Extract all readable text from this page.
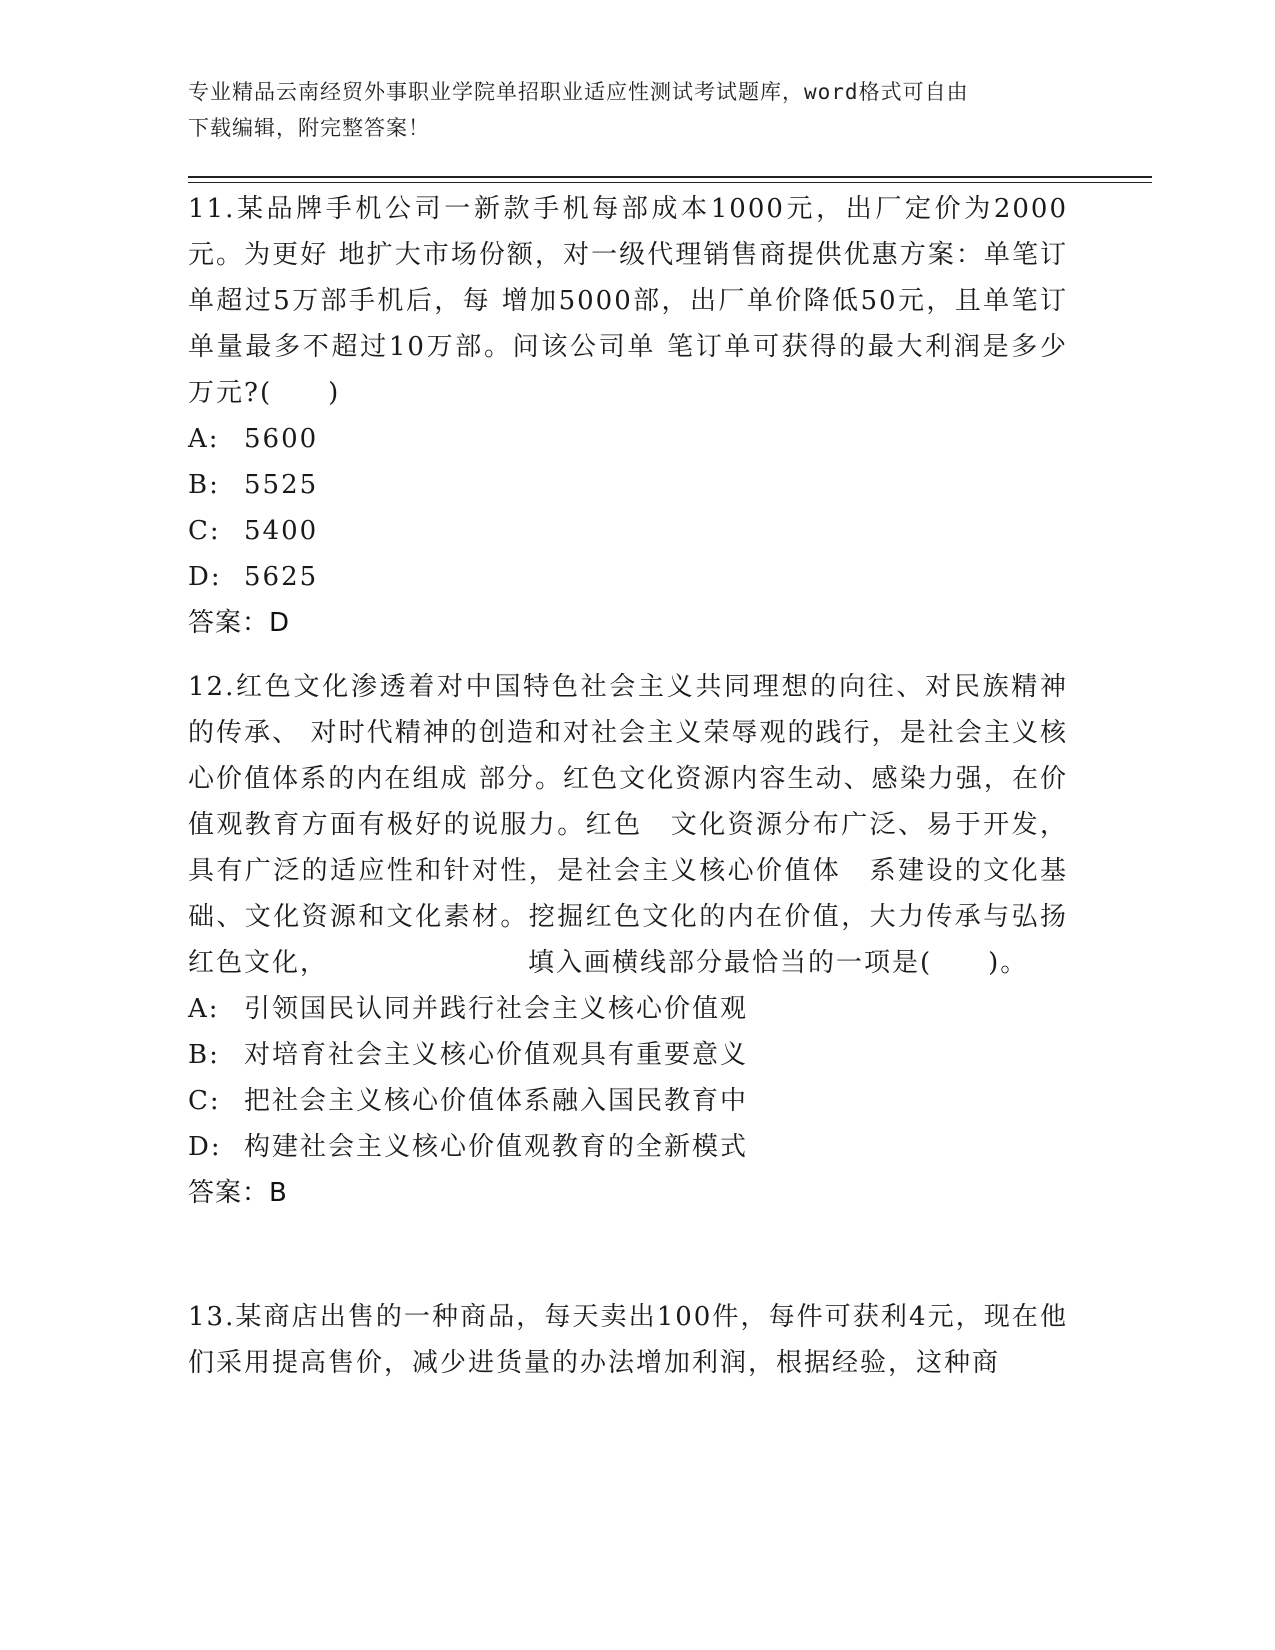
专业精品云南经贸外事职业学院单招职业适应性测试考试题库，word格式可自由
下载编辑，附完整答案！

11.某品牌手机公司一新款手机每部成本1000元，出厂定价为2000元。为更好 地扩大市场份额，对一级代理销售商提供优惠方案：单笔订单超过5万部手机后，每 增加5000部，出厂单价降低50元，且单笔订单量最多不超过10万部。问该公司单 笔订单可获得的最大利润是多少万元?(　　)

A: 5600

B: 5525

C: 5400

D: 5625

答案：D

12.红色文化渗透着对中国特色社会主义共同理想的向往、对民族精神的传承、 对时代精神的创造和对社会主义荣辱观的践行，是社会主义核心价值体系的内在组成 部分。红色文化资源内容生动、感染力强，在价值观教育方面有极好的说服力。红色　文化资源分布广泛、易于开发，具有广泛的适应性和针对性，是社会主义核心价值体　系建设的文化基础、文化资源和文化素材。挖掘红色文化的内在价值，大力传承与弘扬红色文化，	填入画横线部分最恰当的一项是(　　)。

A: 引领国民认同并践行社会主义核心价值观

B: 对培育社会主义核心价值观具有重要意义

C: 把社会主义核心价值体系融入国民教育中

D: 构建社会主义核心价值观教育的全新模式

答案：B

13.某商店出售的一种商品，每天卖出100件，每件可获利4元，现在他们采用提高售价，减少进货量的办法增加利润，根据经验，这种商
